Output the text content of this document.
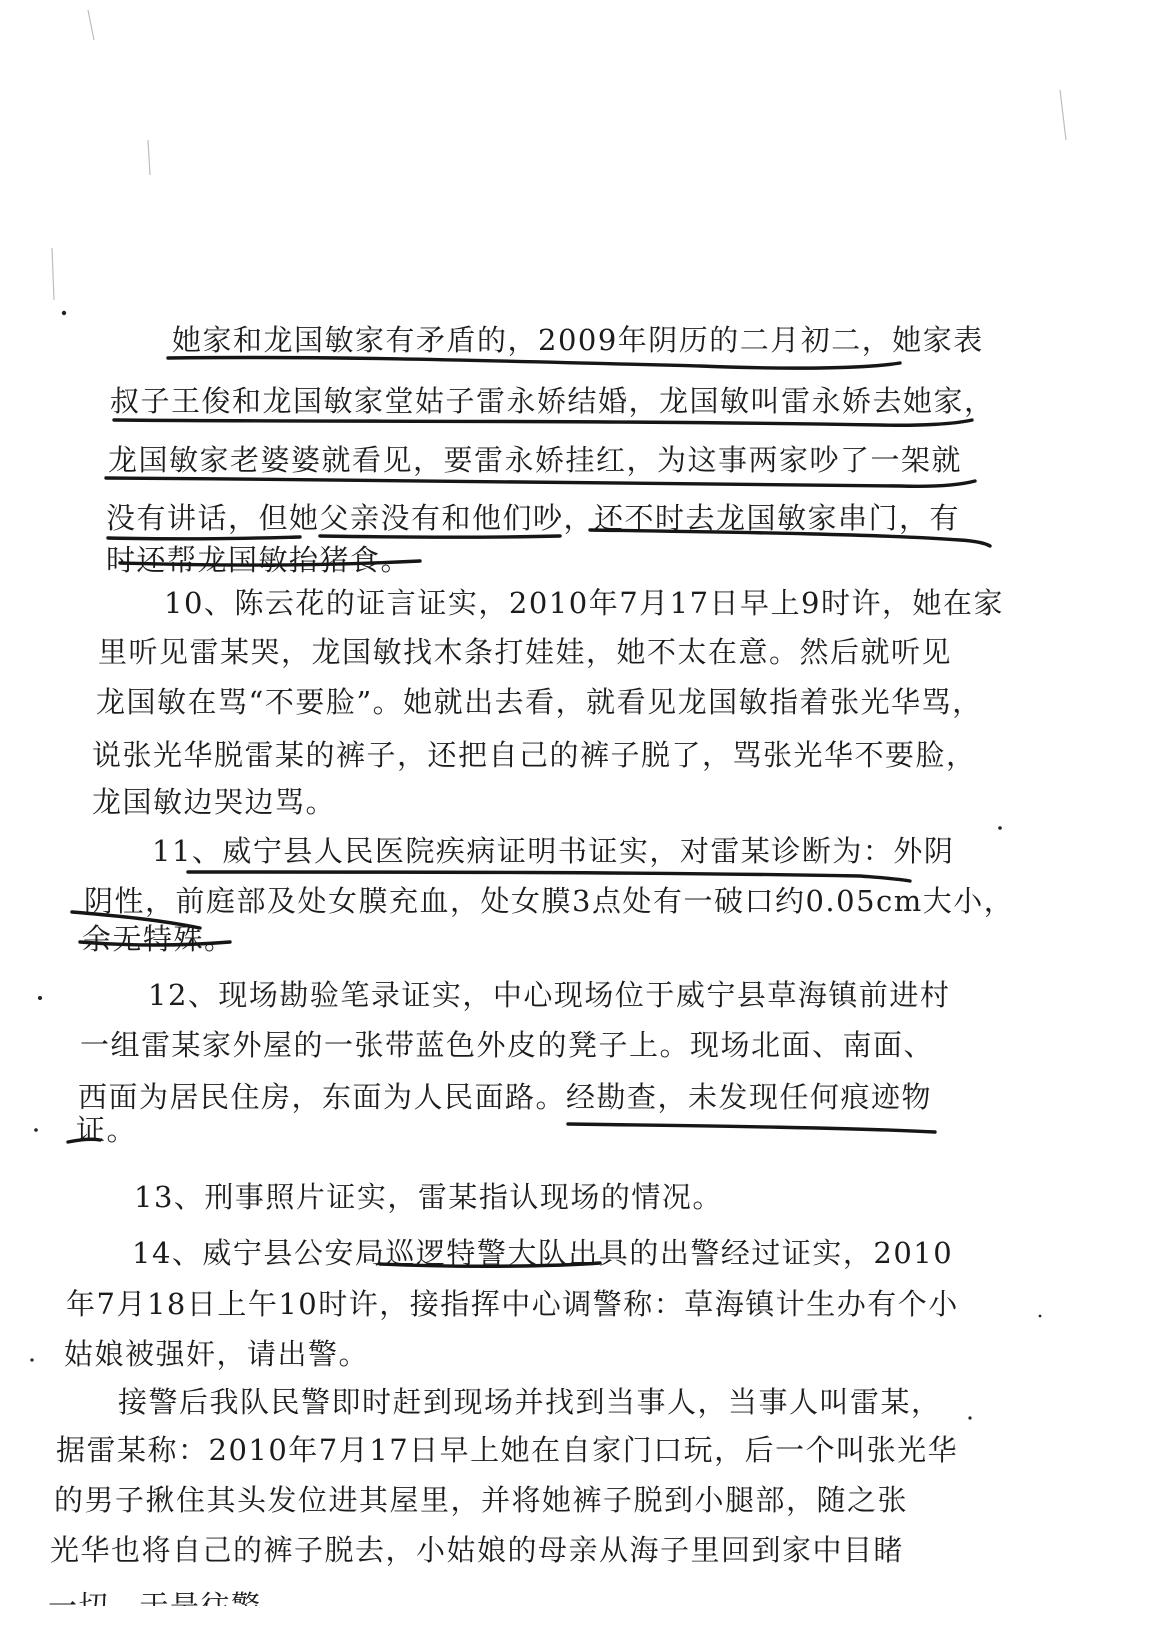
她家和龙国敏家有矛盾的，2009年阴历的二月初二，她家表
叔子王俊和龙国敏家堂姑子雷永娇结婚，龙国敏叫雷永娇去她家，
龙国敏家老婆婆就看见，要雷永娇挂红，为这事两家吵了一架就
没有讲话，但她父亲没有和他们吵，还不时去龙国敏家串门，有
时还帮龙国敏抬猪食。
10、陈云花的证言证实，2010年7月17日早上9时许，她在家
里听见雷某哭，龙国敏找木条打娃娃，她不太在意。然后就听见
龙国敏在骂“不要脸”。她就出去看，就看见龙国敏指着张光华骂，
说张光华脱雷某的裤子，还把自己的裤子脱了，骂张光华不要脸，
龙国敏边哭边骂。
11、威宁县人民医院疾病证明书证实，对雷某诊断为：外阴
阴性，前庭部及处女膜充血，处女膜3点处有一破口约0.05cm大小，
余无特殊。
12、现场勘验笔录证实，中心现场位于威宁县草海镇前进村
一组雷某家外屋的一张带蓝色外皮的凳子上。现场北面、南面、
西面为居民住房，东面为人民面路。经勘查，未发现任何痕迹物
证。
13、刑事照片证实，雷某指认现场的情况。
14、威宁县公安局巡逻特警大队出具的出警经过证实，2010
年7月18日上午10时许，接指挥中心调警称：草海镇计生办有个小
姑娘被强奸，请出警。
接警后我队民警即时赶到现场并找到当事人，当事人叫雷某，
据雷某称：2010年7月17日早上她在自家门口玩，后一个叫张光华
的男子揪住其头发位进其屋里，并将她裤子脱到小腿部，随之张
光华也将自己的裤子脱去，小姑娘的母亲从海子里回到家中目睹
